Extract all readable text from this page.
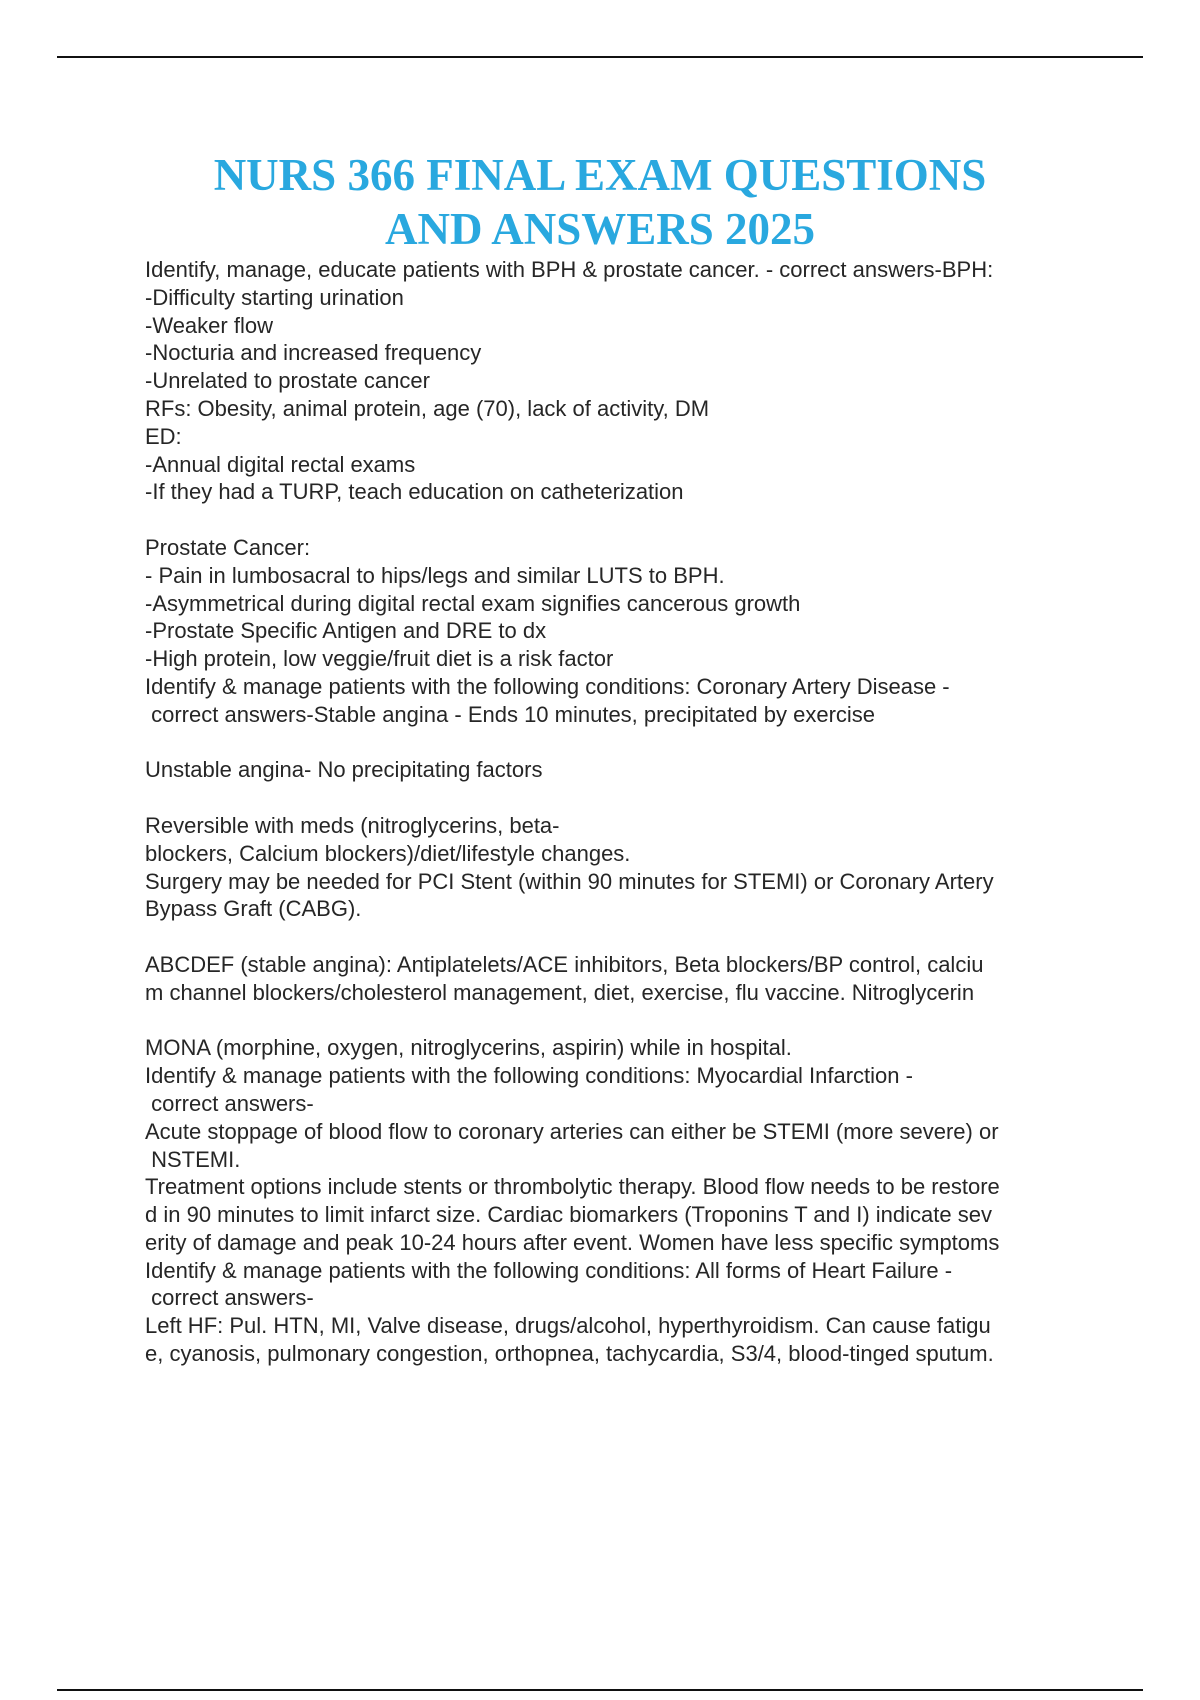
NURS 366 FINAL EXAM QUESTIONS
AND ANSWERS 2025
Identify, manage, educate patients with BPH & prostate cancer. - correct answers-BPH:
-Difficulty starting urination
-Weaker flow
-Nocturia and increased frequency
-Unrelated to prostate cancer
RFs: Obesity, animal protein, age (70), lack of activity, DM
ED:
-Annual digital rectal exams
-If they had a TURP, teach education on catheterization
Prostate Cancer:
- Pain in lumbosacral to hips/legs and similar LUTS to BPH.
-Asymmetrical during digital rectal exam signifies cancerous growth
-Prostate Specific Antigen and DRE to dx
-High protein, low veggie/fruit diet is a risk factor
Identify & manage patients with the following conditions: Coronary Artery Disease -
correct answers-Stable angina - Ends 10 minutes, precipitated by exercise
Unstable angina- No precipitating factors
Reversible with meds (nitroglycerins, beta-
blockers, Calcium blockers)/diet/lifestyle changes.
Surgery may be needed for PCI Stent (within 90 minutes for STEMI) or Coronary Artery
Bypass Graft (CABG).
ABCDEF (stable angina): Antiplatelets/ACE inhibitors, Beta blockers/BP control, calciu
m channel blockers/cholesterol management, diet, exercise, flu vaccine. Nitroglycerin
MONA (morphine, oxygen, nitroglycerins, aspirin) while in hospital.
Identify & manage patients with the following conditions: Myocardial Infarction -
correct answers-
Acute stoppage of blood flow to coronary arteries can either be STEMI (more severe) or
NSTEMI.
Treatment options include stents or thrombolytic therapy. Blood flow needs to be restore
d in 90 minutes to limit infarct size. Cardiac biomarkers (Troponins T and I) indicate sev
erity of damage and peak 10-24 hours after event. Women have less specific symptoms
Identify & manage patients with the following conditions: All forms of Heart Failure -
correct answers-
Left HF: Pul. HTN, MI, Valve disease, drugs/alcohol, hyperthyroidism. Can cause fatigu
e, cyanosis, pulmonary congestion, orthopnea, tachycardia, S3/4, blood-tinged sputum.
